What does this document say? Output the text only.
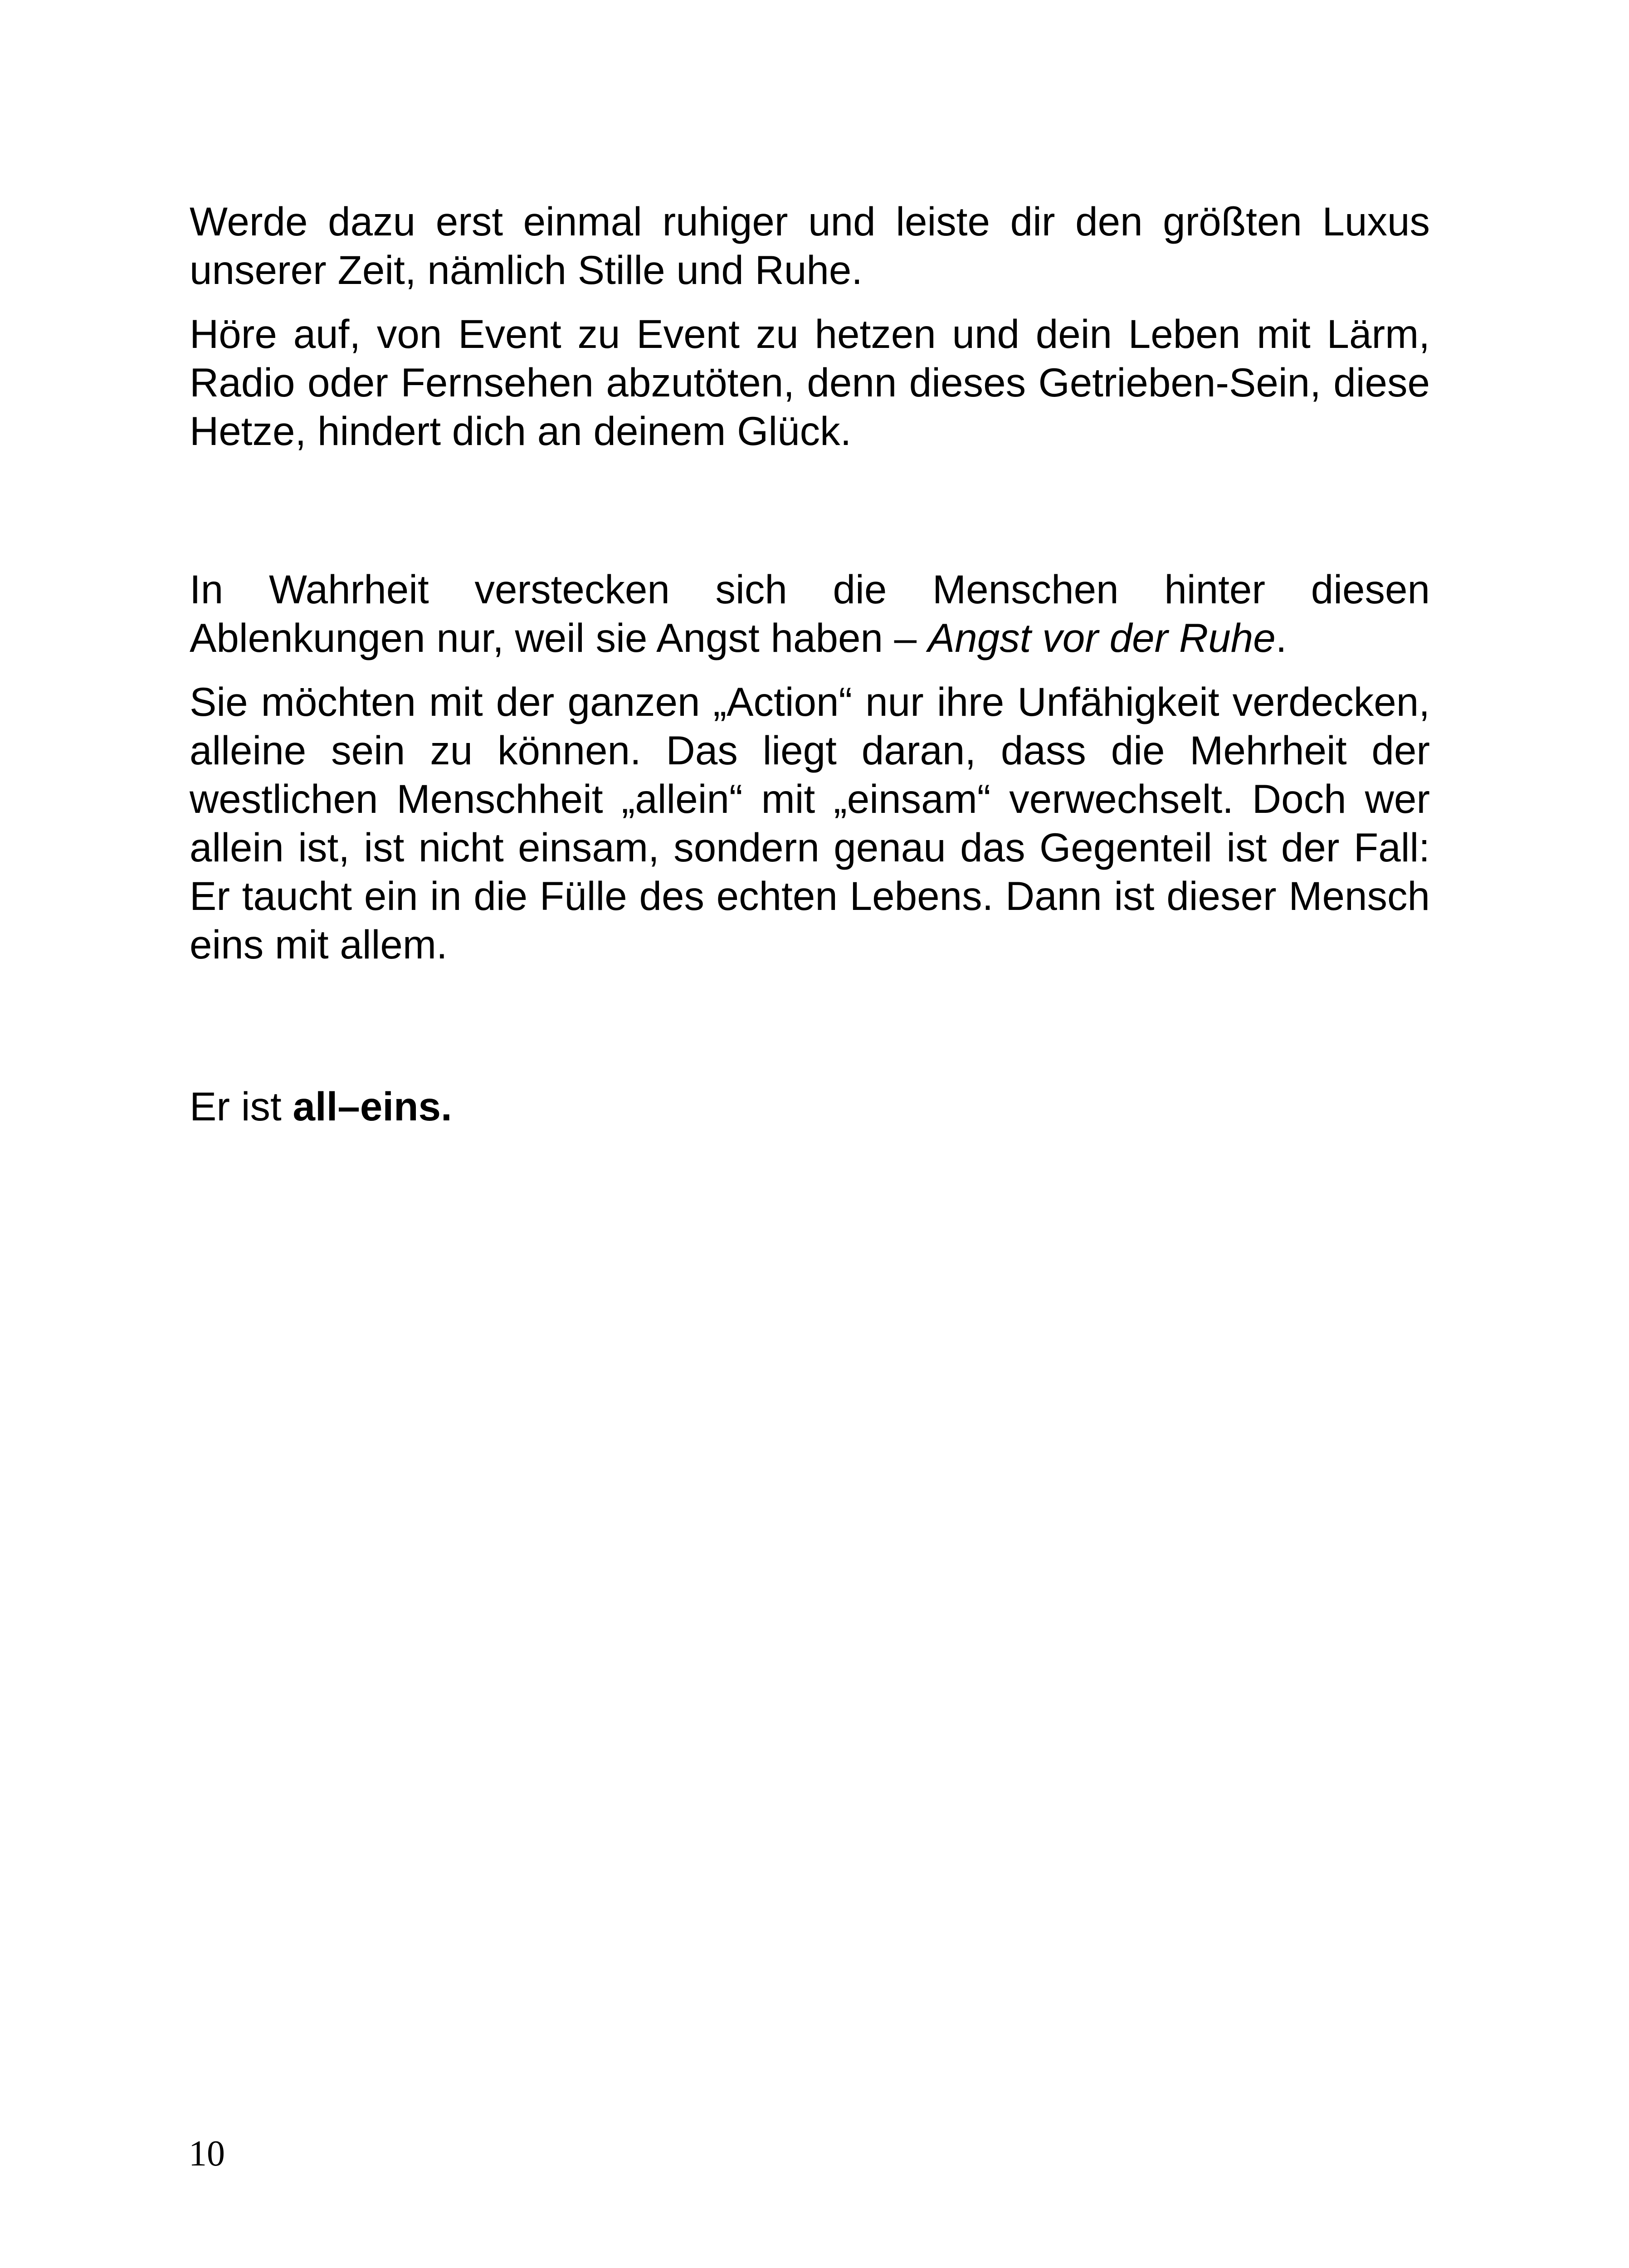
Werde dazu erst einmal ruhiger und leiste dir den größten Luxus unserer Zeit, nämlich Stille und Ruhe.

Höre auf, von Event zu Event zu hetzen und dein Leben mit Lärm, Radio oder Fernsehen abzutöten, denn dieses Getrieben-Sein, diese Hetze, hindert dich an deinem Glück.

In Wahrheit verstecken sich die Menschen hinter diesen Ablenkungen nur, weil sie Angst haben – Angst vor der Ruhe.

Sie möchten mit der ganzen „Action“ nur ihre Unfähigkeit verdecken, alleine sein zu können. Das liegt daran, dass die Mehrheit der westlichen Menschheit „allein“ mit „einsam“ verwechselt. Doch wer allein ist, ist nicht einsam, sondern genau das Gegenteil ist der Fall: Er taucht ein in die Fülle des echten Lebens. Dann ist dieser Mensch eins mit allem.

Er ist all–eins.

10
